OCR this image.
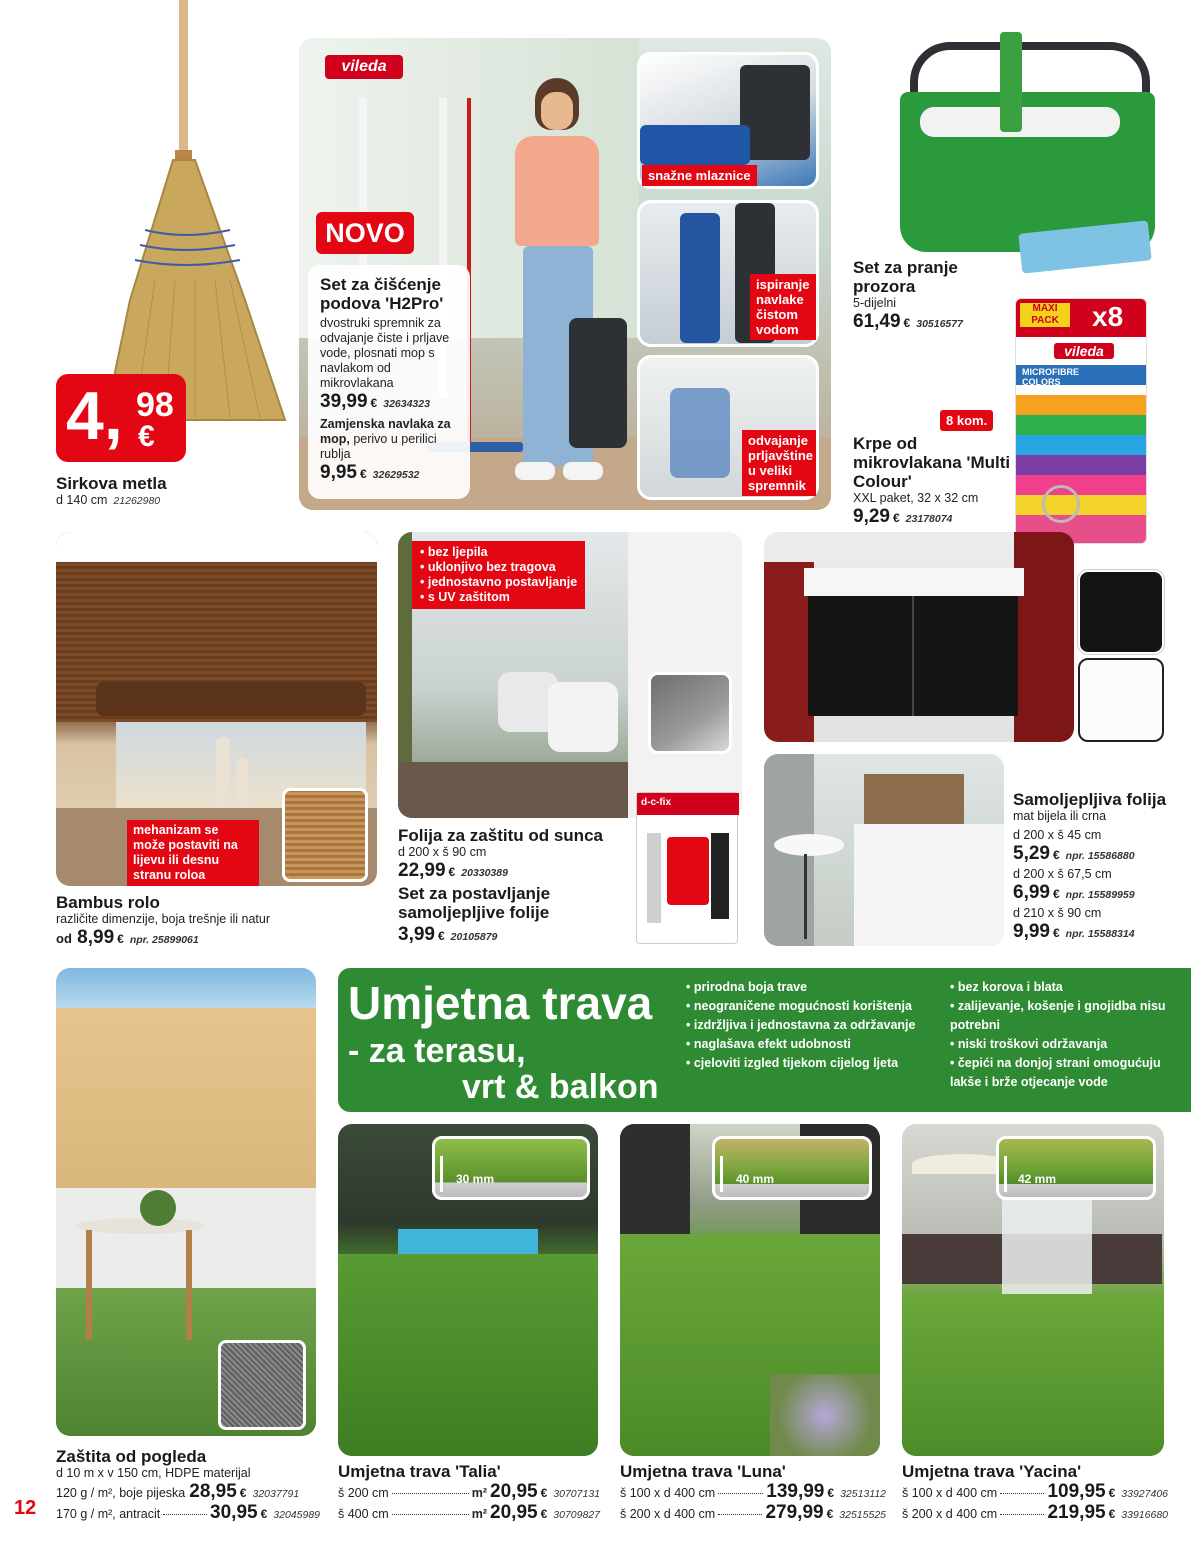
4, 98
€
Sirkova metla
d 140 cm 21262980
vileda
NOVO
Set za čišćenje podova 'H2Pro'
dvostruki spremnik za odvajanje čiste i prljave vode, plosnati mop s navlakom od mikrovlakana
39,99 € 32634323
Zamjenska navlaka za mop, perivo u perilici rublja
9,95 € 32629532
snažne mlaznice
ispiranje navlake čistom vodom
odvajanje prljavštine u veliki spremnik
Set za pranje prozora
5-dijelni
61,49 € 30516577
MAXI PACK	x8
vileda
MICROFIBRE COLORS
8 kom.
Krpe od mikrovlakana 'Multi Colour'
XXL paket, 32 x 32 cm
9,29 € 23178074
mehanizam se može postaviti na lijevu ili desnu stranu roloa
Bambus rolo
različite dimenzije, boja trešnje ili natur
od 8,99 € npr. 25899061
• bez ljepila
• uklonjivo bez tragova
• jednostavno postavljanje
• s UV zaštitom
d-c-fix
Folija za zaštitu od sunca
d 200 x š 90 cm
22,99 € 20330389
Set za postavljanje samoljepljive folije
3,99 € 20105879
Samoljepljiva folija
mat bijela ili crna
d 200 x š 45 cm
5,29 € npr. 15586880
d 200 x š 67,5 cm
6,99 € npr. 15589959
d 210 x š 90 cm
9,99 € npr. 15588314
Umjetna trava
- za terasu,
vrt & balkon
• prirodna boja trave
• neograničene mogućnosti korištenja
• izdržljiva i jednostavna za održavanje
• naglašava efekt udobnosti
• cjeloviti izgled tijekom cijelog ljeta
• bez korova i blata
• zalijevanje, košenje i gnojidba nisu potrebni
• niski troškovi održavanja
• čepići na donjoj strani omogućuju lakše i brže otjecanje vode
Zaštita od pogleda
d 10 m x v 150 cm, HDPE materijal
120 g / m², boje pijeska 28,95 € 32037791
170 g / m², antracit	30,95 € 32045989
12
30 mm
Umjetna trava 'Talia'
š 200 cm	m² 20,95 € 30707131
š 400 cm	m² 20,95 € 30709827
40 mm
Umjetna trava 'Luna'
š 100 x d 400 cm	139,99 € 32513112
š 200 x d 400 cm	279,99 € 32515525
42 mm
Umjetna trava 'Yacina'
š 100 x d 400 cm	109,95 € 33927406
š 200 x d 400 cm	219,95 € 33916680
